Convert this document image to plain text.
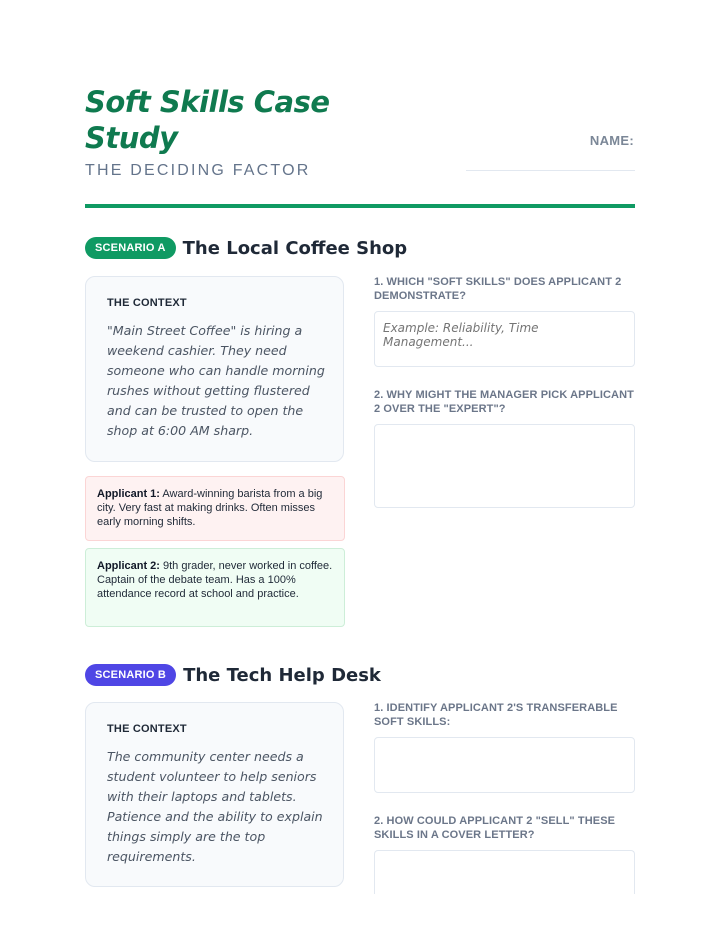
Soft Skills Case Study
THE DECIDING FACTOR
NAME:
SCENARIO A The Local Coffee Shop
THE CONTEXT
"Main Street Coffee" is hiring a weekend cashier. They need someone who can handle morning rushes without getting flustered and can be trusted to open the shop at 6:00 AM sharp.
Applicant 1: Award-winning barista from a big city. Very fast at making drinks. Often misses early morning shifts.
Applicant 2: 9th grader, never worked in coffee. Captain of the debate team. Has a 100% attendance record at school and practice.
1. WHICH "SOFT SKILLS" DOES APPLICANT 2 DEMONSTRATE?
Example: Reliability, Time Management...
2. WHY MIGHT THE MANAGER PICK APPLICANT 2 OVER THE "EXPERT"?
SCENARIO B The Tech Help Desk
THE CONTEXT
The community center needs a student volunteer to help seniors with their laptops and tablets. Patience and the ability to explain things simply are the top requirements.
1. IDENTIFY APPLICANT 2'S TRANSFERABLE SOFT SKILLS:
2. HOW COULD APPLICANT 2 "SELL" THESE SKILLS IN A COVER LETTER?
